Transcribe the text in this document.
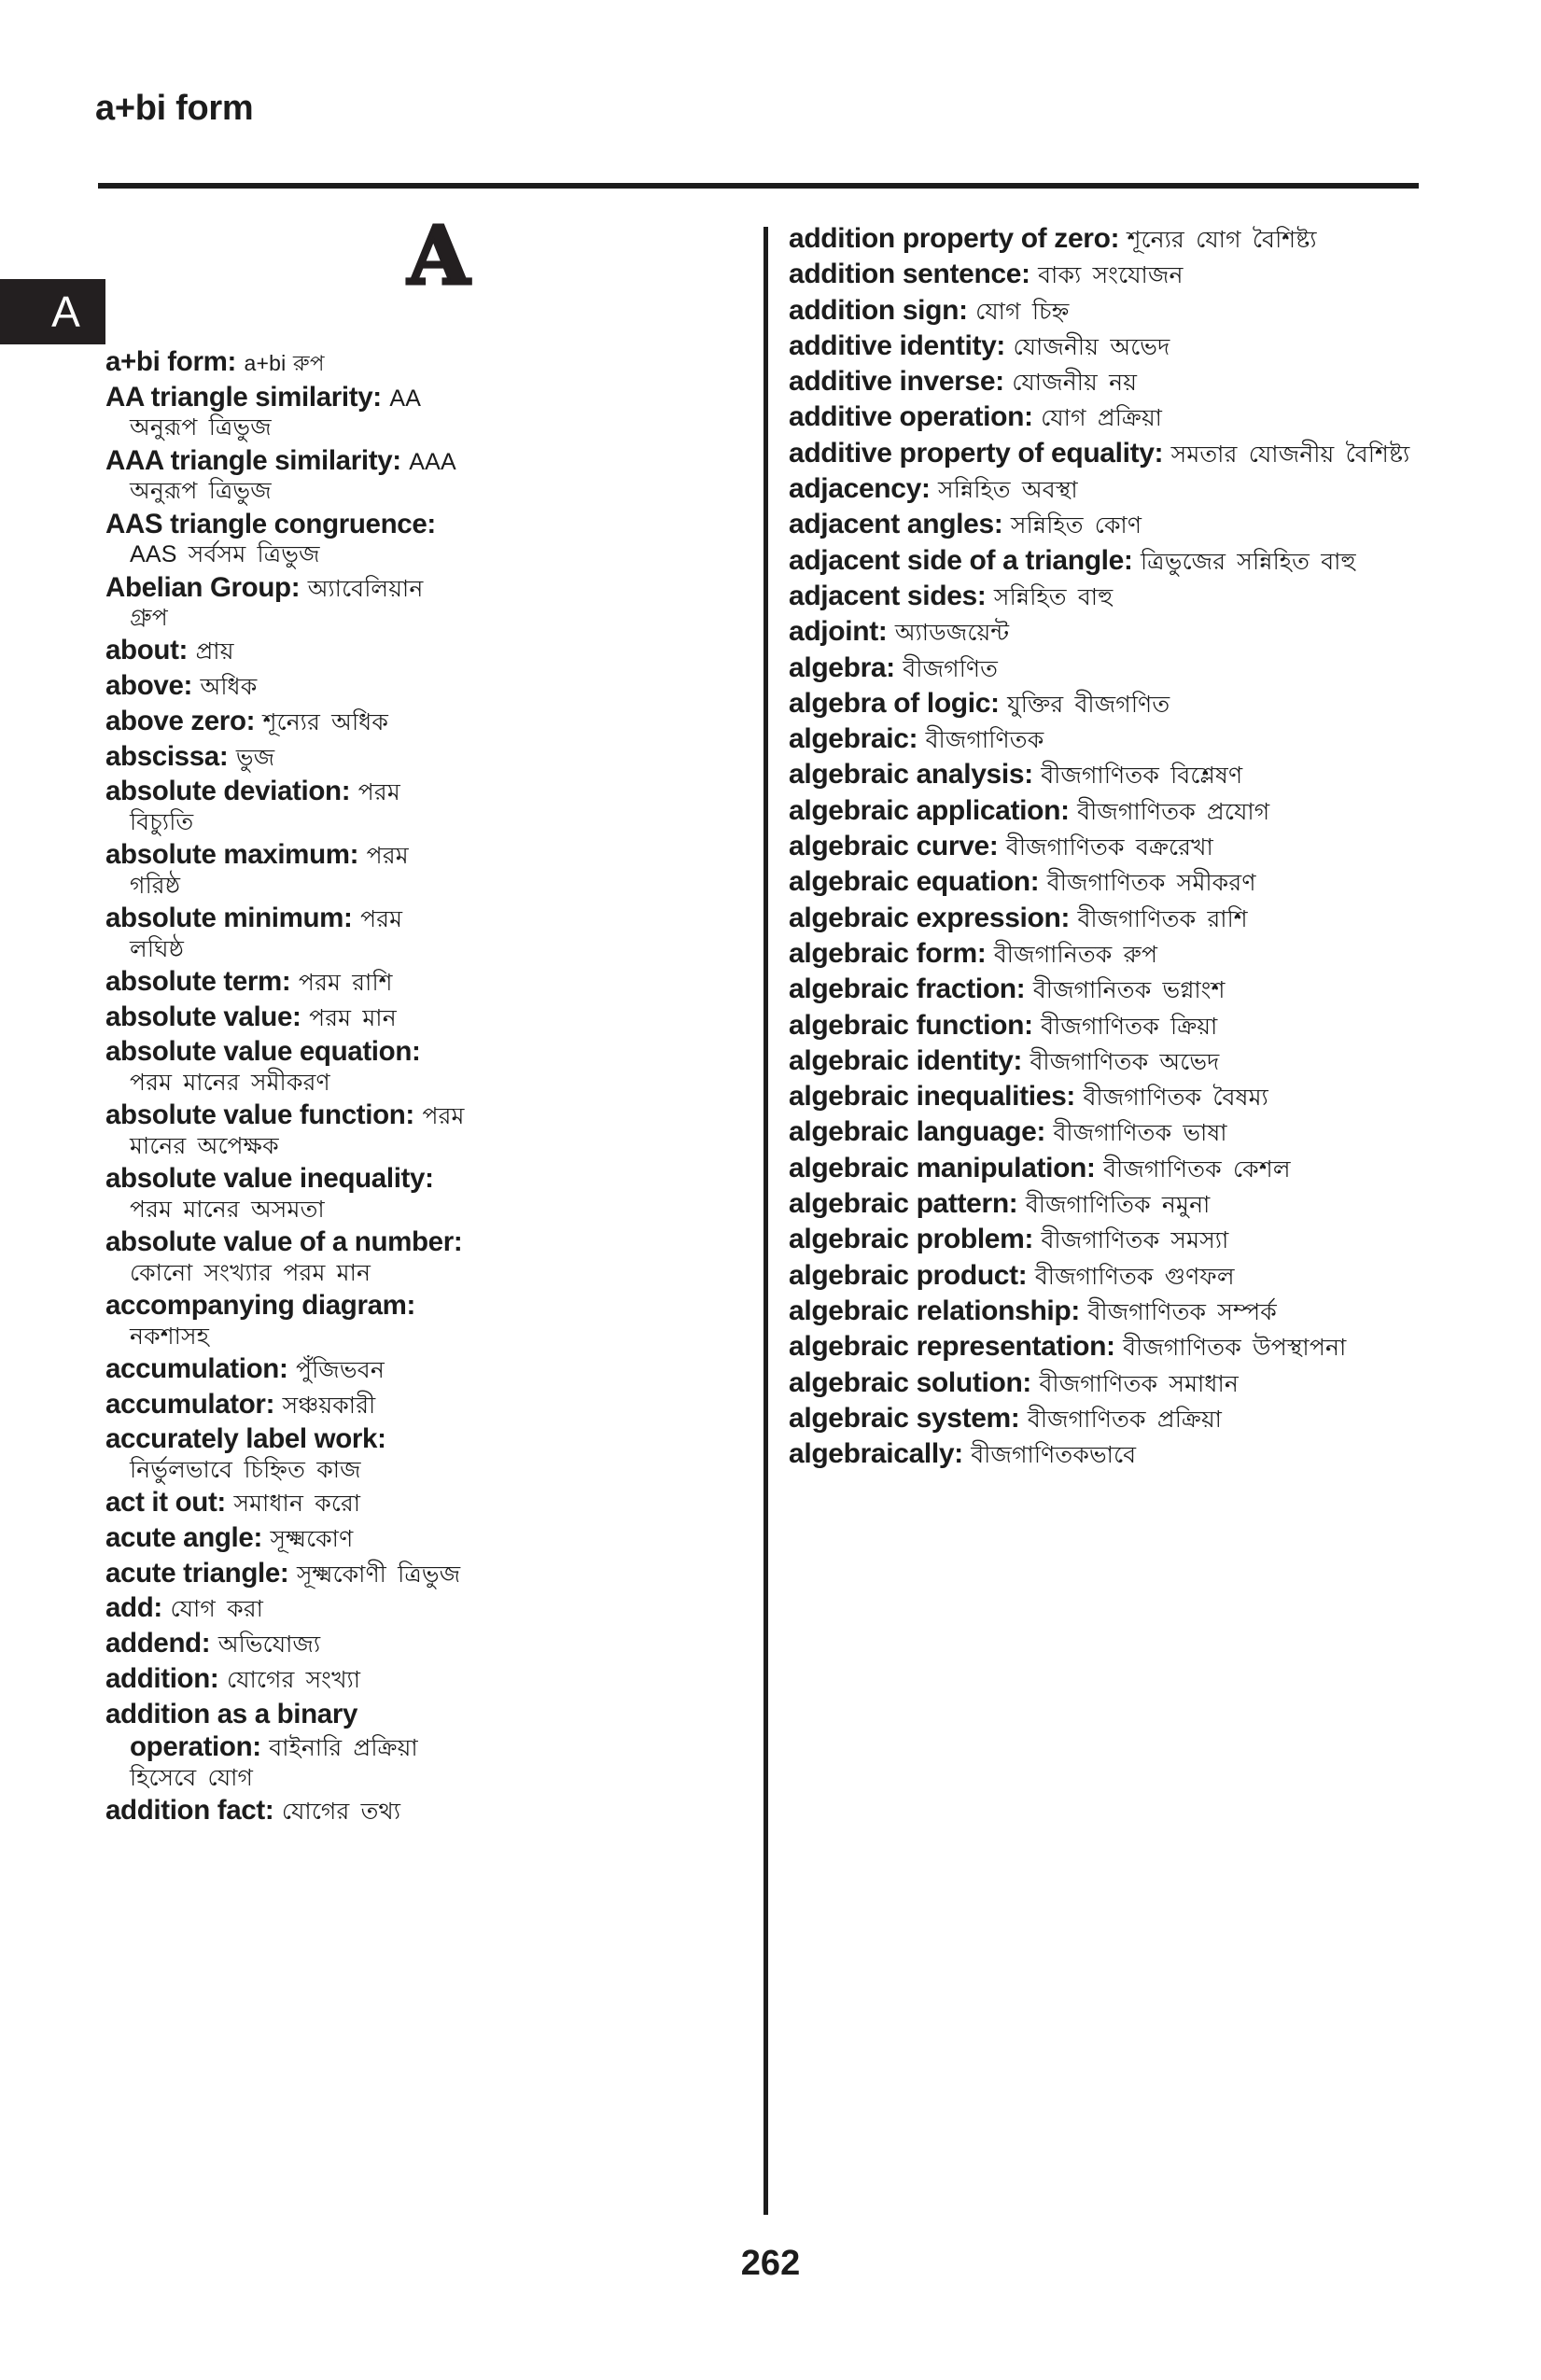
a+bi form
A
A

a+bi form: a+bi রুপ

AA triangle similarity: AA অনুরূপ ত্রিভুজ

AAA triangle similarity: AAA অনুরূপ ত্রিভুজ

AAS triangle congruence: AAS সর্বসম ত্রিভুজ

Abelian Group: অ্যাবেলিয়ান গ্রুপ

about: প্রায়

above: অধিক

above zero: শূন্যের অধিক

abscissa: ভুজ

absolute deviation: পরম বিচ্যুতি

absolute maximum: পরম গরিষ্ঠ

absolute minimum: পরম লঘিষ্ঠ

absolute term: পরম রাশি

absolute value: পরম মান

absolute value equation: পরম মানের সমীকরণ

absolute value function: পরম মানের অপেক্ষক

absolute value inequality: পরম মানের অসমতা

absolute value of a number: কোনো সংখ্যার পরম মান

accompanying diagram: নকশাসহ

accumulation: পুঁজিভবন

accumulator: সঞ্চয়কারী

accurately label work: নির্ভুলভাবে চিহ্নিত কাজ

act it out: সমাধান করো

acute angle: সূক্ষ্মকোণ

acute triangle: সূক্ষ্মকোণী ত্রিভুজ

add: যোগ করা

addend: অভিযোজ্য

addition: যোগের সংখ্যা

addition as a binary operation: বাইনারি প্রক্রিয়া হিসেবে যোগ

addition fact: যোগের তথ্য

addition property of zero: শূন্যের যোগ বৈশিষ্ট্য

addition sentence: বাক্য সংযোজন

addition sign: যোগ চিহ্ন

additive identity: যোজনীয় অভেদ

additive inverse: যোজনীয় নয়

additive operation: যোগ প্রক্রিয়া

additive property of equality: সমতার যোজনীয় বৈশিষ্ট্য

adjacency: সন্নিহিত অবস্থা

adjacent angles: সন্নিহিত কোণ

adjacent side of a triangle: ত্রিভুজের সন্নিহিত বাহু

adjacent sides: সন্নিহিত বাহু

adjoint: অ্যাডজয়েন্ট

algebra: বীজগণিত

algebra of logic: যুক্তির বীজগণিত

algebraic: বীজগাণিতক

algebraic analysis: বীজগাণিতক বিশ্লেষণ

algebraic application: বীজগাণিতক প্রযোগ

algebraic curve: বীজগাণিতক বক্ররেখা

algebraic equation: বীজগাণিতক সমীকরণ

algebraic expression: বীজগাণিতক রাশি

algebraic form: বীজগানিতক রুপ

algebraic fraction: বীজগানিতক ভগ্নাংশ

algebraic function: বীজগাণিতক ক্রিয়া

algebraic identity: বীজগাণিতক অভেদ

algebraic inequalities: বীজগাণিতক বৈষম্য

algebraic language: বীজগাণিতক ভাষা

algebraic manipulation: বীজগাণিতক কেশল

algebraic pattern: বীজগাণিতিক নমুনা

algebraic problem: বীজগাণিতক সমস্যা

algebraic product: বীজগাণিতক গুণফল

algebraic relationship: বীজগাণিতক সম্পর্ক

algebraic representation: বীজগাণিতক উপস্থাপনা

algebraic solution: বীজগাণিতক সমাধান

algebraic system: বীজগাণিতক প্রক্রিয়া

algebraically: বীজগাণিতকভাবে

262
